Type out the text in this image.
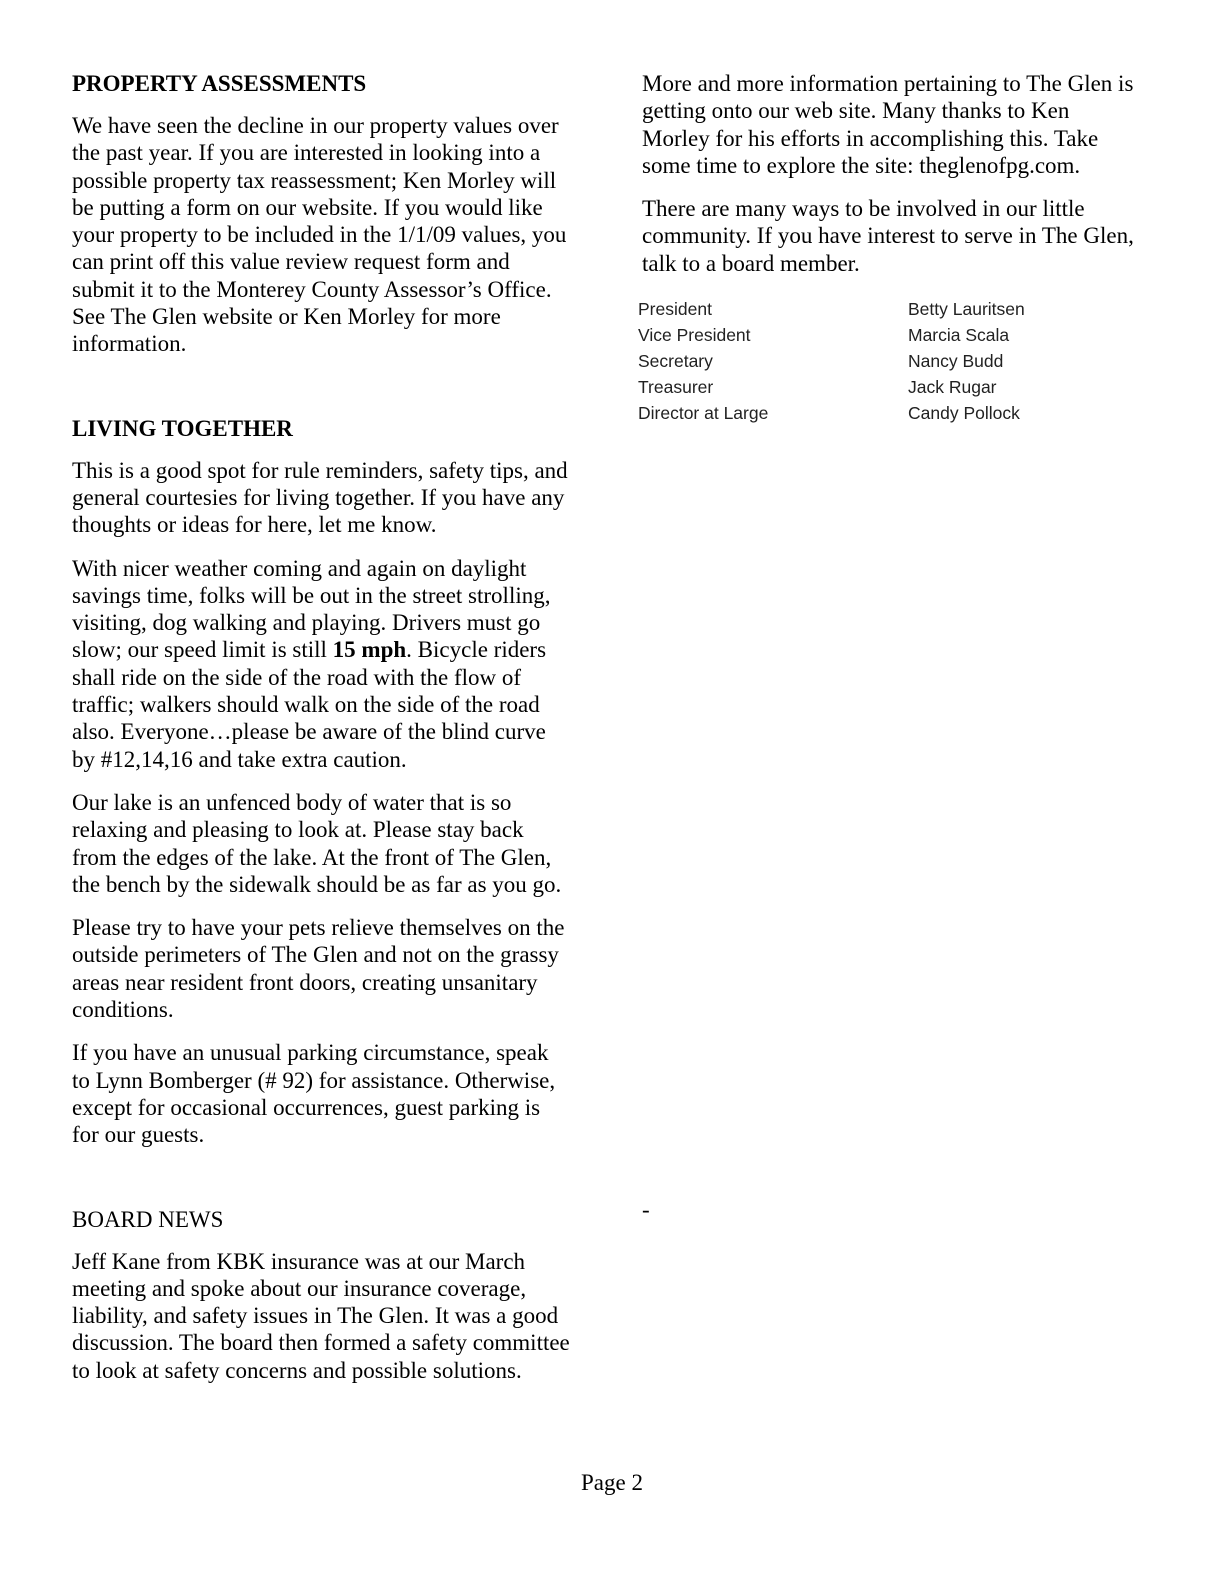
PROPERTY ASSESSMENTS

We have seen the decline in our property values over the past year. If you are interested in looking into a possible property tax reassessment; Ken Morley will be putting a form on our website. If you would like your property to be included in the 1/1/09 values, you can print off this value review request form and submit it to the Monterey County Assessor’s Office. See The Glen website or Ken Morley for more information.

LIVING TOGETHER

This is a good spot for rule reminders, safety tips, and general courtesies for living together. If you have any thoughts or ideas for here, let me know.

With nicer weather coming and again on daylight savings time, folks will be out in the street strolling, visiting, dog walking and playing. Drivers must go slow; our speed limit is still 15 mph. Bicycle riders shall ride on the side of the road with the flow of traffic; walkers should walk on the side of the road also. Everyone…please be aware of the blind curve by #12,14,16 and take extra caution.

Our lake is an unfenced body of water that is so relaxing and pleasing to look at. Please stay back from the edges of the lake. At the front of The Glen, the bench by the sidewalk should be as far as you go.

Please try to have your pets relieve themselves on the outside perimeters of The Glen and not on the grassy areas near resident front doors, creating unsanitary conditions.

If you have an unusual parking circumstance, speak to Lynn Bomberger (# 92) for assistance. Otherwise, except for occasional occurrences, guest parking is for our guests.

BOARD NEWS

Jeff Kane from KBK insurance was at our March meeting and spoke about our insurance coverage, liability, and safety issues in The Glen. It was a good discussion. The board then formed a safety committee to look at safety concerns and possible solutions.

More and more information pertaining to The Glen is getting onto our web site. Many thanks to Ken Morley for his efforts in accomplishing this. Take some time to explore the site: theglenofpg.com.

There are many ways to be involved in our little community. If you have interest to serve in The Glen, talk to a board member.

President	Betty Lauritsen
Vice President	Marcia Scala
Secretary	Nancy Budd
Treasurer	Jack Rugar
Director at Large	Candy Pollock
-
Page 2
